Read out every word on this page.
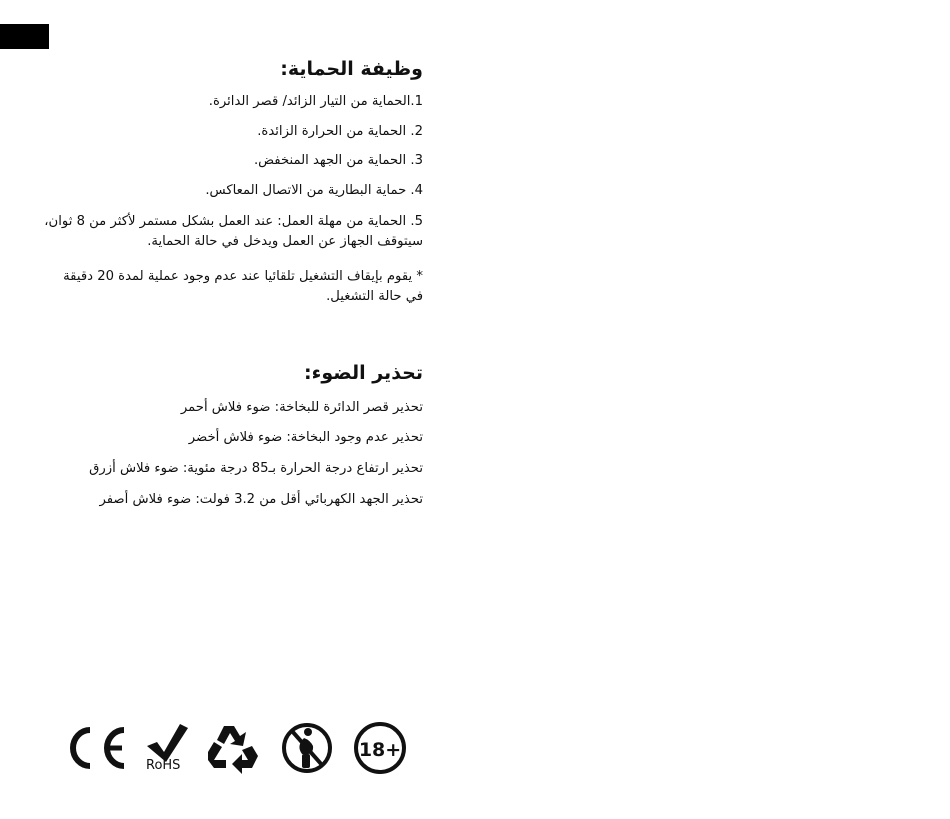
وظيفة الحماية:

1.الحماية من التيار الزائد/ قصر الدائرة.

2. الحماية من الحرارة الزائدة.

3. الحماية من الجهد المنخفض.

4. حماية البطارية من الاتصال المعاكس.

5. الحماية من مهلة العمل: عند العمل بشكل مستمر لأكثر من 8 ثوان، سيتوقف الجهاز عن العمل ويدخل في حالة الحماية.

* يقوم بإيقاف التشغيل تلقائيا عند عدم وجود عملية لمدة 20 دقيقة في حالة التشغيل.

تحذير الضوء:

تحذير قصر الدائرة للبخاخة: ضوء فلاش أحمر

تحذير عدم وجود البخاخة: ضوء فلاش أخضر

تحذير ارتفاع درجة الحرارة بـ85 درجة مئوية: ضوء فلاش أزرق

تحذير الجهد الكهربائي أقل من 3.2 فولت: ضوء فلاش أصفر

RoHS
18+
